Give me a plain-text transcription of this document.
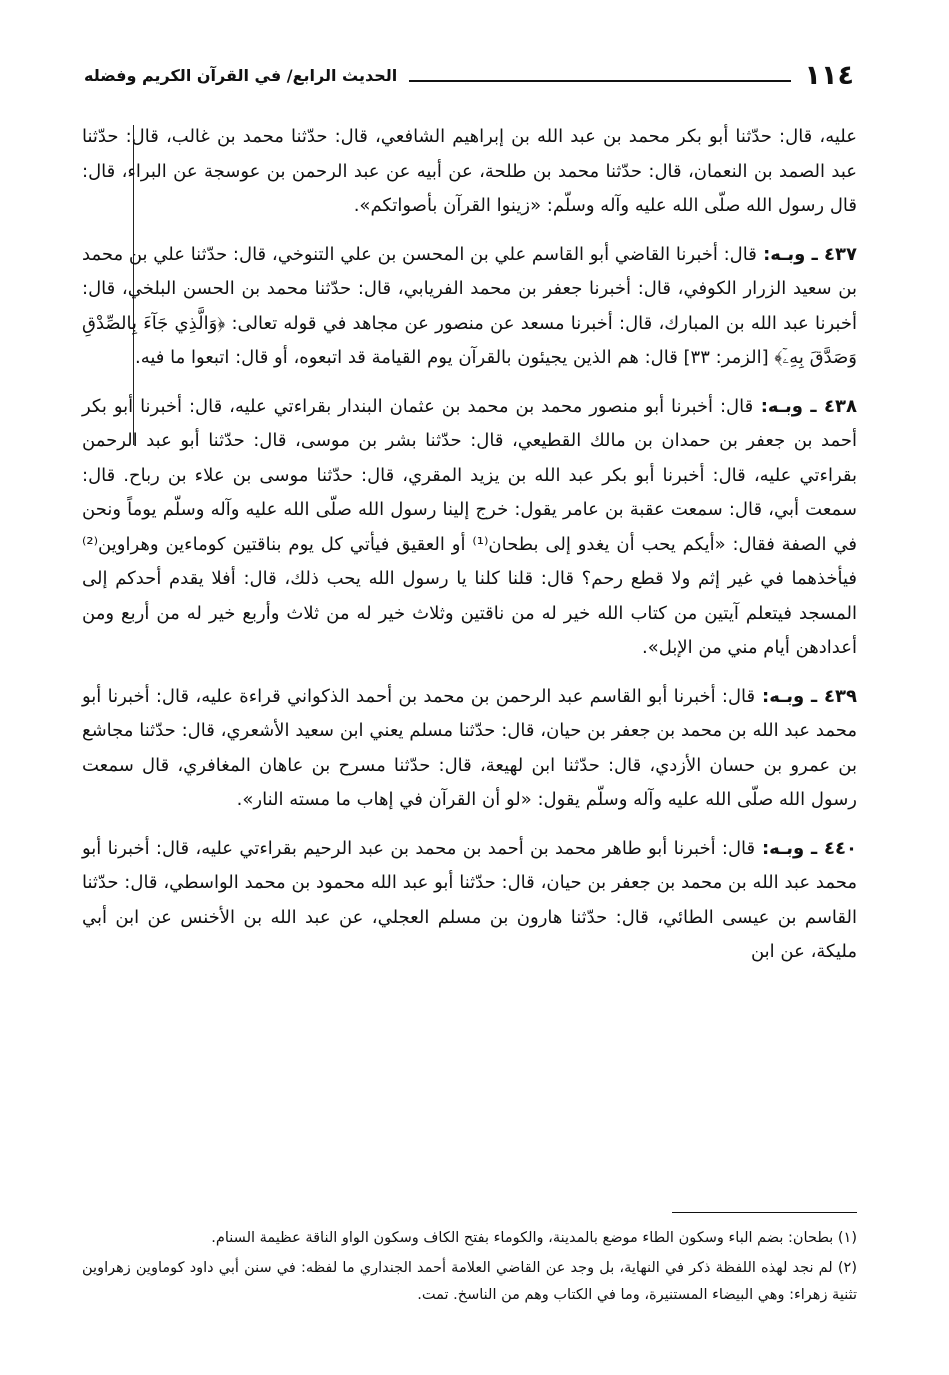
١١٤
الحديث الرابع/ في القرآن الكريم وفضله

عليه، قال: حدّثنا أبو بكر محمد بن عبد الله بن إبراهيم الشافعي، قال: حدّثنا محمد بن غالب، قال: حدّثنا عبد الصمد بن النعمان، قال: حدّثنا محمد بن طلحة، عن أبيه عن عبد الرحمن بن عوسجة عن البراء، قال: قال رسول الله صلّى الله عليه وآله وسلّم: «زينوا القرآن بأصواتكم».

٤٣٧ ـ وبـه: قال: أخبرنا القاضي أبو القاسم علي بن المحسن بن علي التنوخي، قال: حدّثنا علي بن محمد بن سعيد الزرار الكوفي، قال: أخبرنا جعفر بن محمد الفريابي، قال: حدّثنا محمد بن الحسن البلخي، قال: أخبرنا عبد الله بن المبارك، قال: أخبرنا مسعد عن منصور عن مجاهد في قوله تعالى: ﴿وَالَّذِي جَآءَ بِالصِّدْقِ وَصَدَّقَ بِهِۦٓ﴾ [الزمر: ٣٣] قال: هم الذين يجيئون بالقرآن يوم القيامة قد اتبعوه، أو قال: اتبعوا ما فيه.

٤٣٨ ـ وبـه: قال: أخبرنا أبو منصور محمد بن محمد بن عثمان البندار بقراءتي عليه، قال: أخبرنا أبو بكر أحمد بن جعفر بن حمدان بن مالك القطيعي، قال: حدّثنا بشر بن موسى، قال: حدّثنا أبو عبد الرحمن بقراءتي عليه، قال: أخبرنا أبو بكر عبد الله بن يزيد المقري، قال: حدّثنا موسى بن علاء بن رباح. قال: سمعت أبي، قال: سمعت عقبة بن عامر يقول: خرج إلينا رسول الله صلّى الله عليه وآله وسلّم يوماً ونحن في الصفة فقال: «أيكم يحب أن يغدو إلى بطحان⁽¹⁾ أو العقيق فيأتي كل يوم بناقتين كوماءين وهراوين⁽²⁾ فيأخذهما في غير إثم ولا قطع رحم؟ قال: قلنا كلنا يا رسول الله يحب ذلك، قال: أفلا يقدم أحدكم إلى المسجد فيتعلم آيتين من كتاب الله خير له من ناقتين وثلاث خير له من ثلاث وأربع خير له من أربع ومن أعدادهن أيام مني من الإبل».

٤٣٩ ـ وبـه: قال: أخبرنا أبو القاسم عبد الرحمن بن محمد بن أحمد الذكواني قراءة عليه، قال: أخبرنا أبو محمد عبد الله بن محمد بن جعفر بن حيان، قال: حدّثنا مسلم يعني ابن سعيد الأشعري، قال: حدّثنا مجاشع بن عمرو بن حسان الأزدي، قال: حدّثنا ابن لهيعة، قال: حدّثنا مسرح بن عاهان المغافري، قال سمعت رسول الله صلّى الله عليه وآله وسلّم يقول: «لو أن القرآن في إهاب ما مسته النار».

٤٤٠ ـ وبـه: قال: أخبرنا أبو طاهر محمد بن أحمد بن محمد بن عبد الرحيم بقراءتي عليه، قال: أخبرنا أبو محمد عبد الله بن محمد بن جعفر بن حيان، قال: حدّثنا أبو عبد الله محمود بن محمد الواسطي، قال: حدّثنا القاسم بن عيسى الطائي، قال: حدّثنا هارون بن مسلم العجلي، عن عبد الله بن الأخنس عن ابن أبي مليكة، عن ابن

(١) بطحان: بضم الباء وسكون الطاء موضع بالمدينة، والكوماء بفتح الكاف وسكون الواو الناقة عظيمة السنام.

(٢) لم نجد لهذه اللفظة ذكر في النهاية، بل وجد عن القاضي العلامة أحمد الجنداري ما لفظه: في سنن أبي داود كوماوين زهراوين تثنية زهراء: وهي البيضاء المستنيرة، وما في الكتاب وهم من الناسخ. تمت.
